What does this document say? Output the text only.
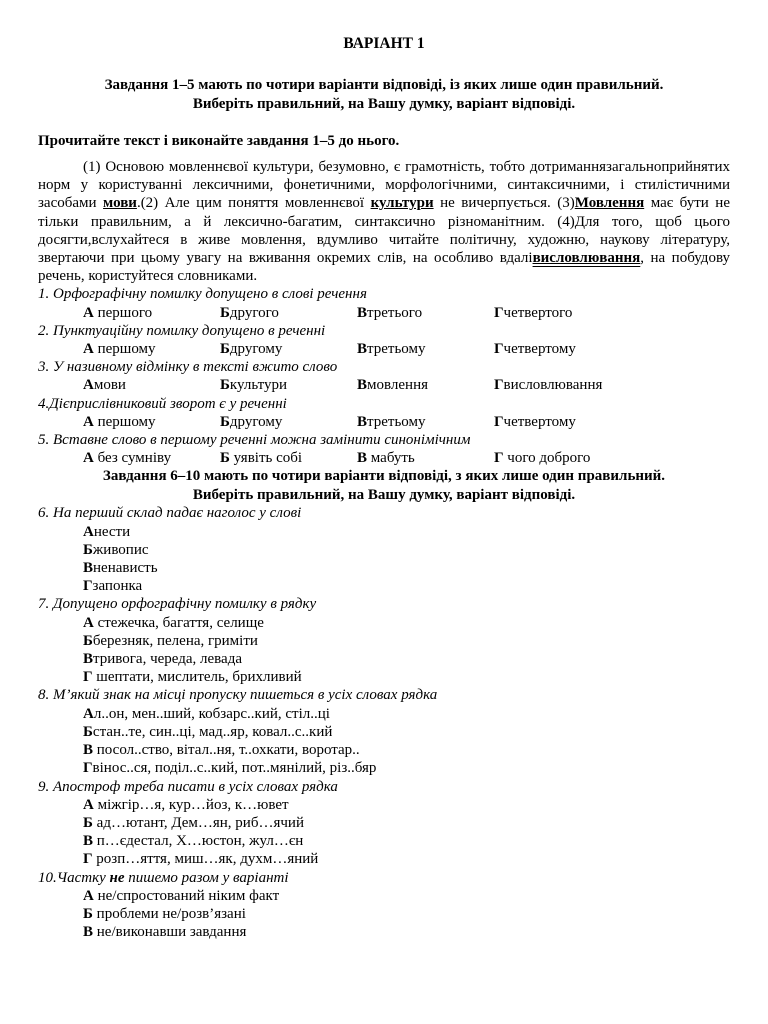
ВАРІАНТ 1

Завдання 1–5 мають по чотири варіанти відповіді, із яких лише один правильний.

Виберіть правильний, на Вашу думку, варіант відповіді.

Прочитайте текст і виконайте завдання 1–5 до нього.

(1) Основою мовленнєвої культури, безумовно, є грамотність, тобто дотриманнязагальноприйнятих норм у користуванні лексичними, фонетичними, морфологічними, синтаксичними, і стилістичними засобами мови.(2) Але цим поняття мовленнєвої культури не вичерпується. (3)Мовлення має бути не тільки правильним, а й лексично-багатим, синтаксично різноманітним. (4)Для того, щоб цього досягти,вслухайтеся в живе мовлення, вдумливо читайте політичну, художню, наукову літературу, звертаючи при цьому увагу на вживання окремих слів, на особливо вдалівисловлювання, на побудову речень, користуйтеся словниками.

1. Орфографічну помилку допущено в слові речення

А першого	Бдругого	Втретього	Гчетвертого

2. Пунктуаційну помилку допущено в реченні

А першому	Бдругому	Втретьому	Гчетвертому

3. У називному відмінку в тексті вжито слово

Амови	Бкультури	Вмовлення	Гвисловлювання

4.Дієприслівниковий зворот є у реченні

А першому	Бдругому	Втретьому	Гчетвертому

5. Вставне слово в першому реченні можна замінити синонімічним

А без сумніву	Б уявіть собі	В мабуть	Г чого доброго

Завдання 6–10 мають по чотири варіанти відповіді, з яких лише один правильний.

Виберіть правильний, на Вашу думку, варіант відповіді.

6. На перший склад падає наголос у слові

Анести
Бживопис
Вненависть
Гзапонка

7. Допущено орфографічну помилку в рядку

А стежечка, багаття, селище
Бберезняк, пелена, гриміти
Втривога, череда, левада
Г шептати, мислитель, брихливий

8. М’який знак на місці пропуску пишеться в усіх словах рядка

Ал..он, мен..ший, кобзарс..кий, стіл..ці
Бстан..те, син..ці, мад..яр, ковал..с..кий
В посол..ство, вітал..ня, т..охкати, воротар..
Гвінос..ся, поділ..с..кий, пот..мянілий, різ..бяр

9. Апостроф треба писати в усіх словах рядка

А міжгір…я, кур…йоз, к…ювет
Б ад…ютант, Дем…ян, риб…ячий
В п…єдестал, Х…юстон, жул…єн
Г розп…яття, миш…як, духм…яний

10.Частку не пишемо разом у варіанті

А не/спростований ніким факт
Б проблеми не/розв’язані
В не/виконавши завдання
